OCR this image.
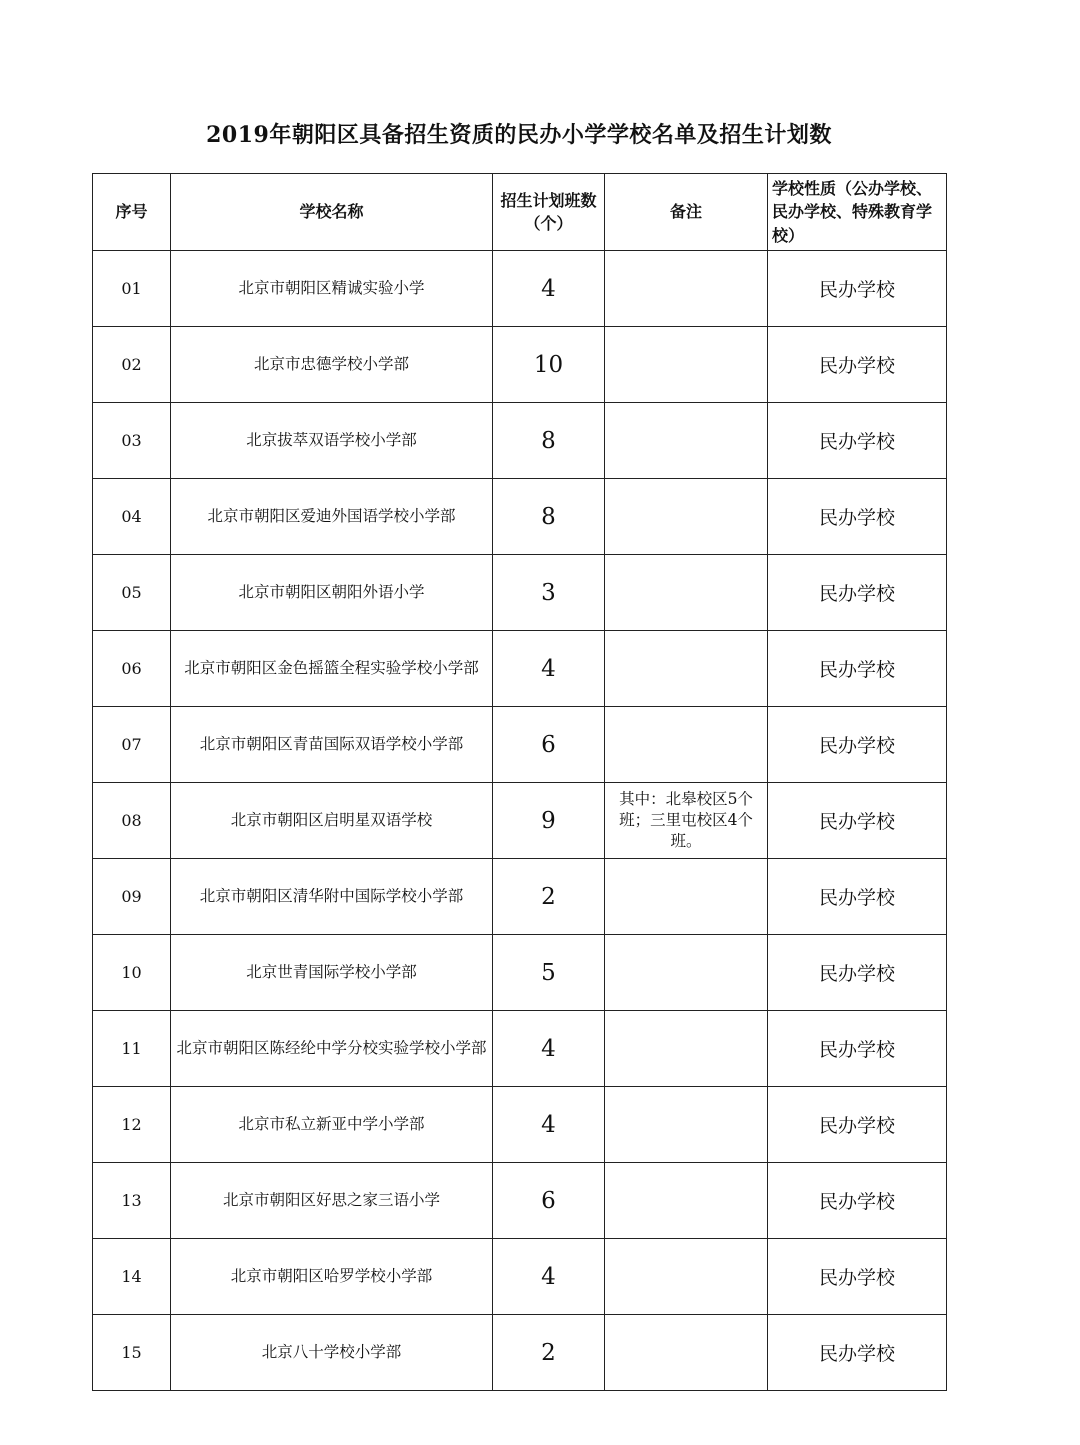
2019年朝阳区具备招生资质的民办小学学校名单及招生计划数
序号	学校名称	招生计划班数（个）	备注	学校性质（公办学校、民办学校、特殊教育学校）
01	北京市朝阳区精诚实验小学	4		民办学校
02	北京市忠德学校小学部	10		民办学校
03	北京拔萃双语学校小学部	8		民办学校
04	北京市朝阳区爱迪外国语学校小学部	8		民办学校
05	北京市朝阳区朝阳外语小学	3		民办学校
06	北京市朝阳区金色摇篮全程实验学校小学部	4		民办学校
07	北京市朝阳区青苗国际双语学校小学部	6		民办学校
08	北京市朝阳区启明星双语学校	9	其中：北皋校区5个班；三里屯校区4个班。	民办学校
09	北京市朝阳区清华附中国际学校小学部	2		民办学校
10	北京世青国际学校小学部	5		民办学校
11	北京市朝阳区陈经纶中学分校实验学校小学部	4		民办学校
12	北京市私立新亚中学小学部	4		民办学校
13	北京市朝阳区好思之家三语小学	6		民办学校
14	北京市朝阳区哈罗学校小学部	4		民办学校
15	北京八十学校小学部	2		民办学校
